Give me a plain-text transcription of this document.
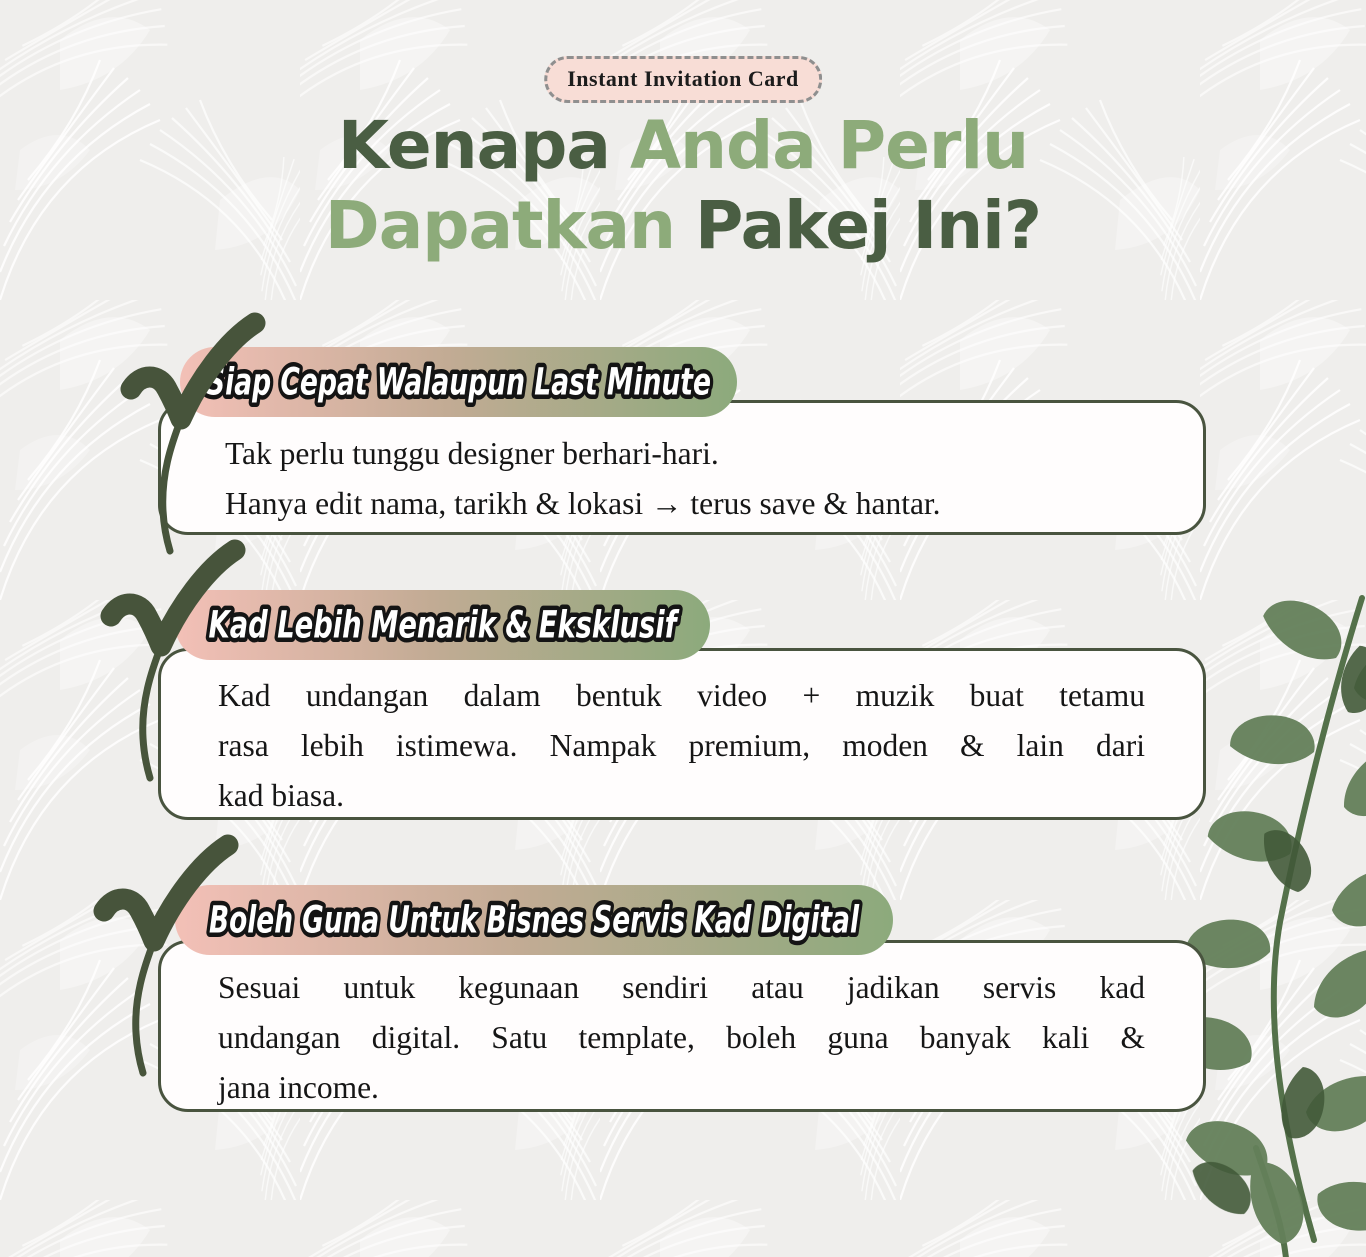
Instant Invitation Card
Kenapa Anda Perlu
Dapatkan Pakej Ini?
Tak perlu tunggu designer berhari-hari.
Hanya edit nama, tarikh & lokasi → terus save & hantar.
Siap Cepat Walaupun Last Minute
Kad undangan dalam bentuk video + muzik buat tetamu
rasa lebih istimewa. Nampak premium, moden & lain dari
kad biasa.
Kad Lebih Menarik & Eksklusif
Sesuai untuk kegunaan sendiri atau jadikan servis kad
undangan digital. Satu template, boleh guna banyak kali &
jana income.
Boleh Guna Untuk Bisnes Servis Kad Digital
